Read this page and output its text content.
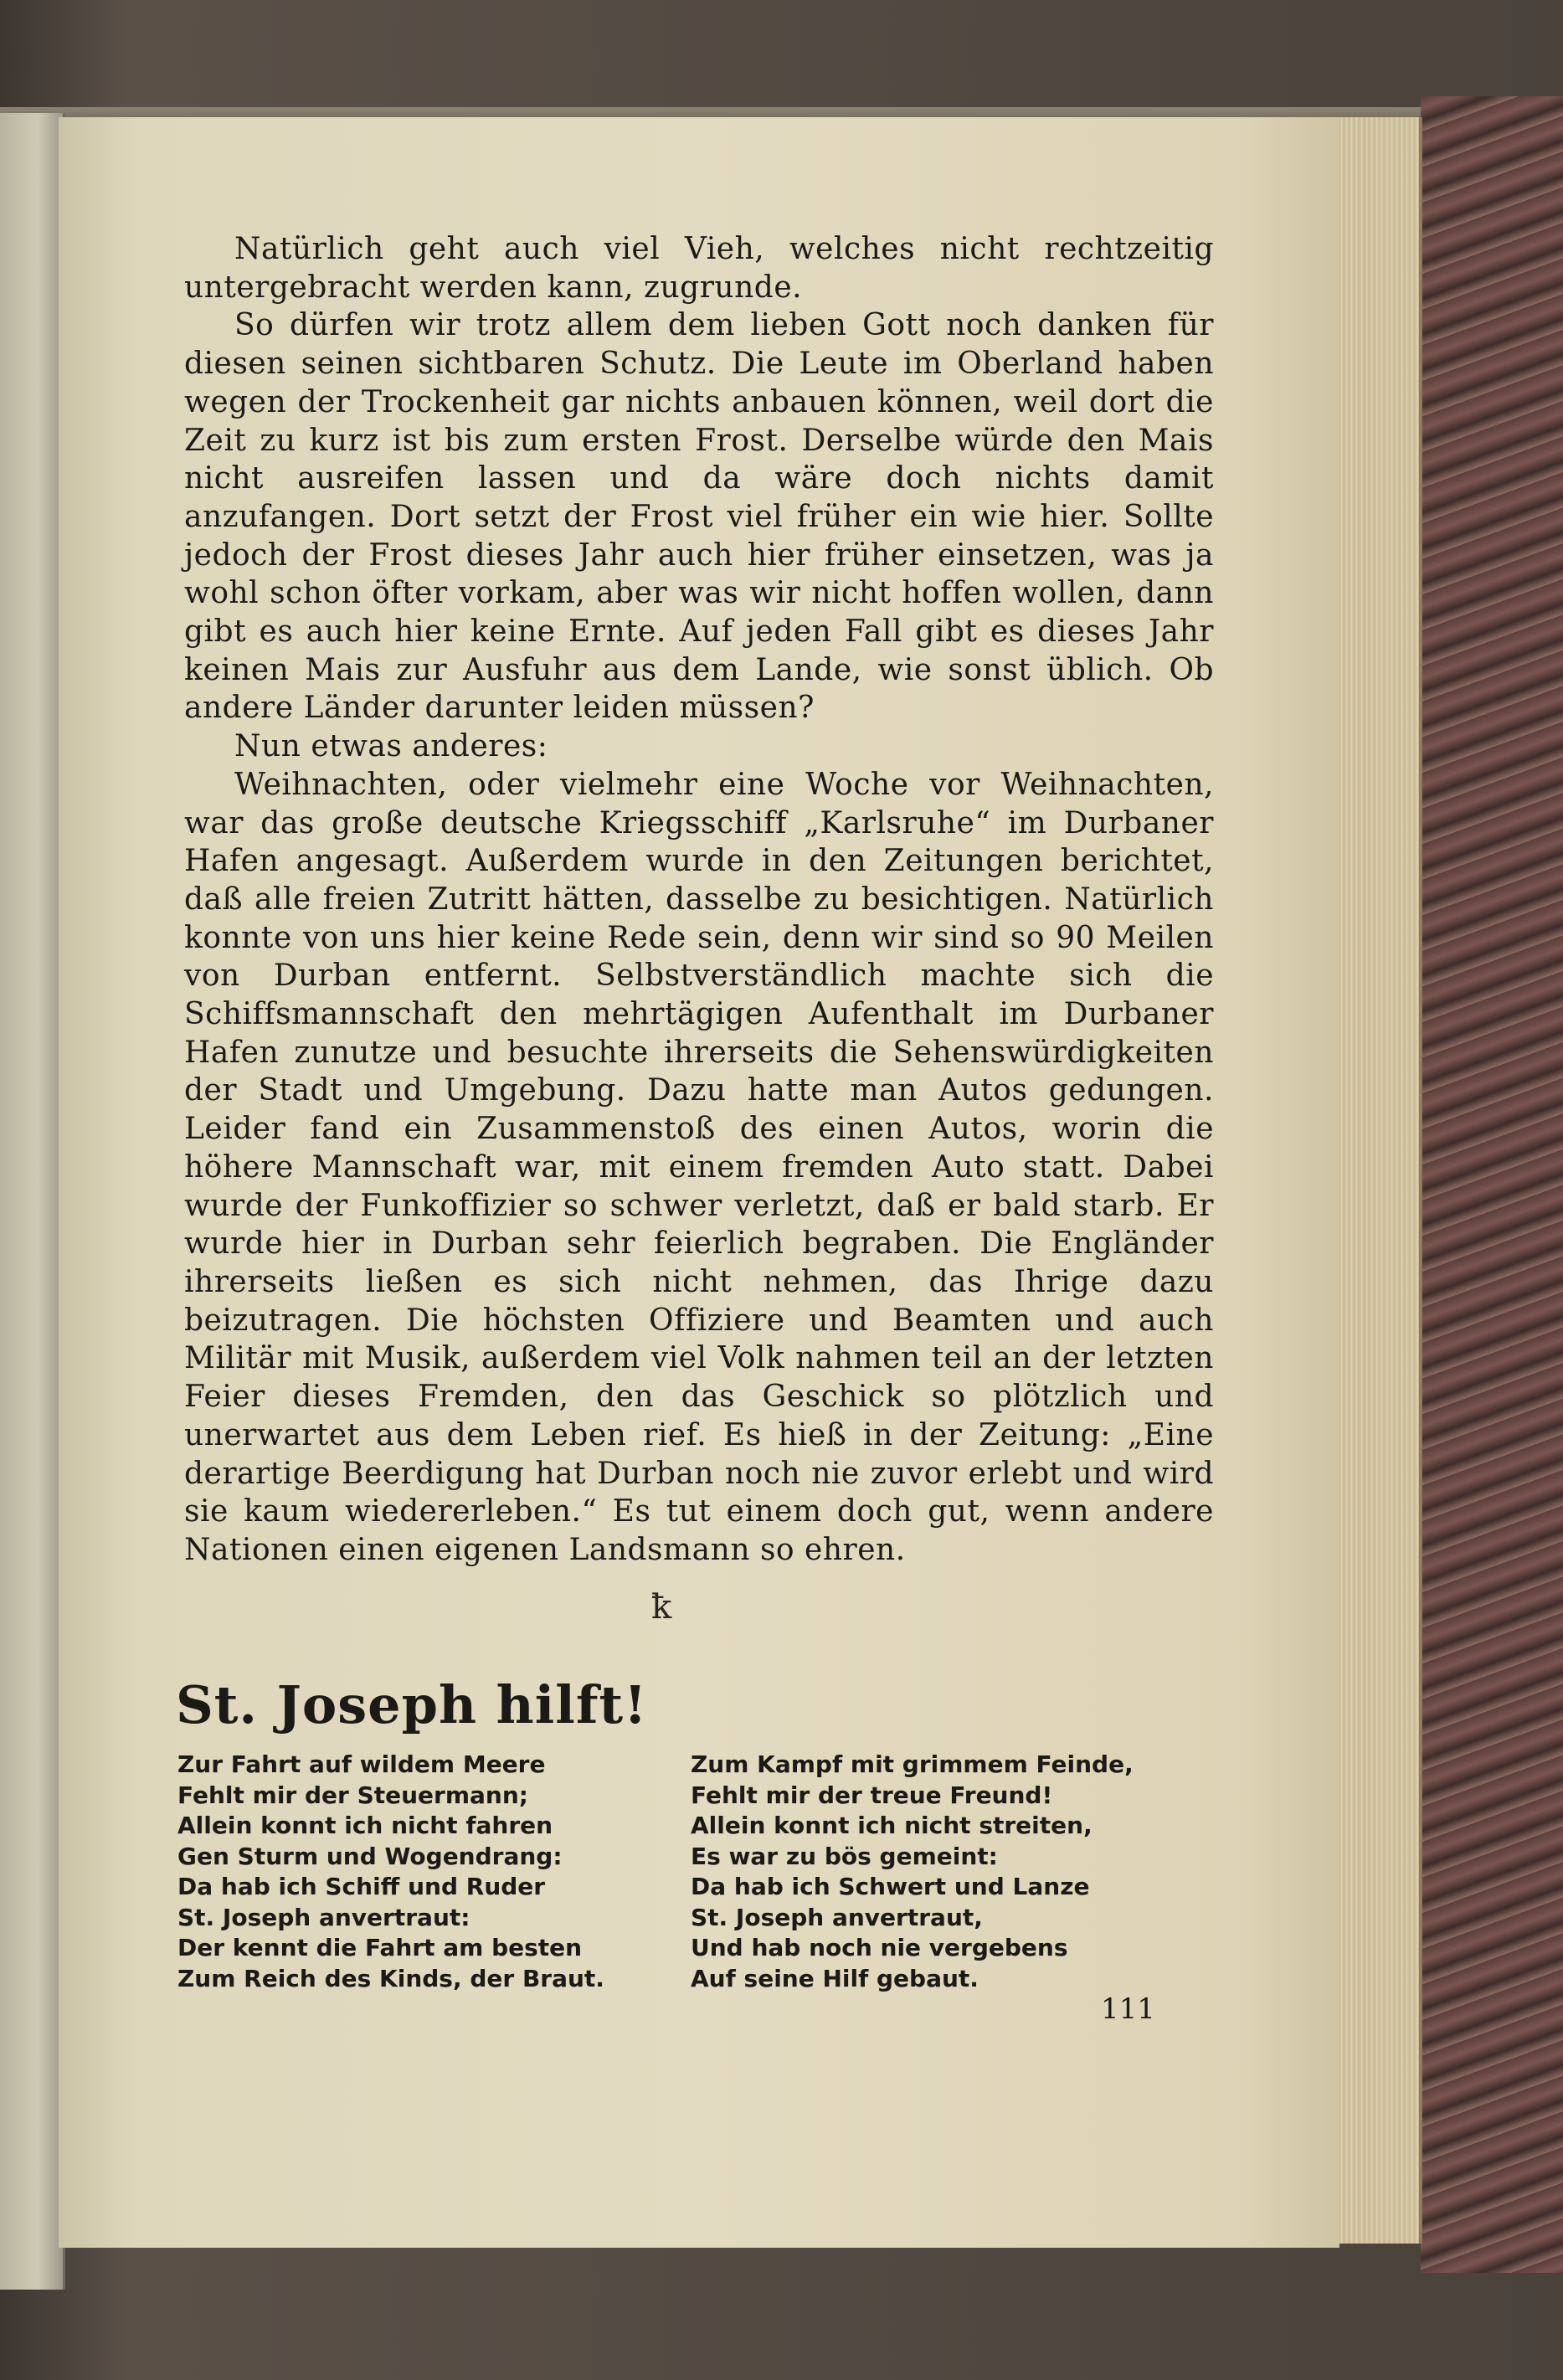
Natürlich geht auch viel Vieh, welches nicht rechtzeitig untergebracht werden kann, zugrunde.

So dürfen wir trotz allem dem lieben Gott noch danken für diesen seinen sichtbaren Schutz. Die Leute im Oberland haben wegen der Trockenheit gar nichts anbauen können, weil dort die Zeit zu kurz ist bis zum ersten Frost. Derselbe würde den Mais nicht ausreifen lassen und da wäre doch nichts damit anzufangen. Dort setzt der Frost viel früher ein wie hier. Sollte jedoch der Frost dieses Jahr auch hier früher einsetzen, was ja wohl schon öfter vorkam, aber was wir nicht hoffen wollen, dann gibt es auch hier keine Ernte. Auf jeden Fall gibt es dieses Jahr keinen Mais zur Ausfuhr aus dem Lande, wie sonst üblich. Ob andere Länder darunter leiden müssen?

Nun etwas anderes:

Weihnachten, oder vielmehr eine Woche vor Weihnachten, war das große deutsche Kriegsschiff „Karlsruhe“ im Durbaner Hafen angesagt. Außerdem wurde in den Zeitungen berichtet, daß alle freien Zutritt hätten, dasselbe zu besichtigen. Natürlich konnte von uns hier keine Rede sein, denn wir sind so 90 Meilen von Durban entfernt. Selbstverständlich machte sich die Schiffsmannschaft den mehrtägigen Aufenthalt im Durbaner Hafen zunutze und besuchte ihrerseits die Sehenswürdigkeiten der Stadt und Umgebung. Dazu hatte man Autos gedungen. Leider fand ein Zusammenstoß des einen Autos, worin die höhere Mannschaft war, mit einem fremden Auto statt. Dabei wurde der Funkoffizier so schwer verletzt, daß er bald starb. Er wurde hier in Durban sehr feierlich begraben. Die Engländer ihrerseits ließen es sich nicht nehmen, das Ihrige dazu beizutragen. Die höchsten Offiziere und Beamten und auch Militär mit Musik, außerdem viel Volk nahmen teil an der letzten Feier dieses Fremden, den das Geschick so plötzlich und unerwartet aus dem Leben rief. Es hieß in der Zeitung: „Eine derartige Beerdigung hat Durban noch nie zuvor erlebt und wird sie kaum wiedererleben.“ Es tut einem doch gut, wenn andere Nationen einen eigenen Landsmann so ehren.

ꝁ
St. Joseph hilft!
Zur Fahrt auf wildem Meere
Fehlt mir der Steuermann;
Allein konnt ich nicht fahren
Gen Sturm und Wogendrang:
Da hab ich Schiff und Ruder
St. Joseph anvertraut:
Der kennt die Fahrt am besten
Zum Reich des Kinds, der Braut.
Zum Kampf mit grimmem Feinde,
Fehlt mir der treue Freund!
Allein konnt ich nicht streiten,
Es war zu bös gemeint:
Da hab ich Schwert und Lanze
St. Joseph anvertraut,
Und hab noch nie vergebens
Auf seine Hilf gebaut.
111
